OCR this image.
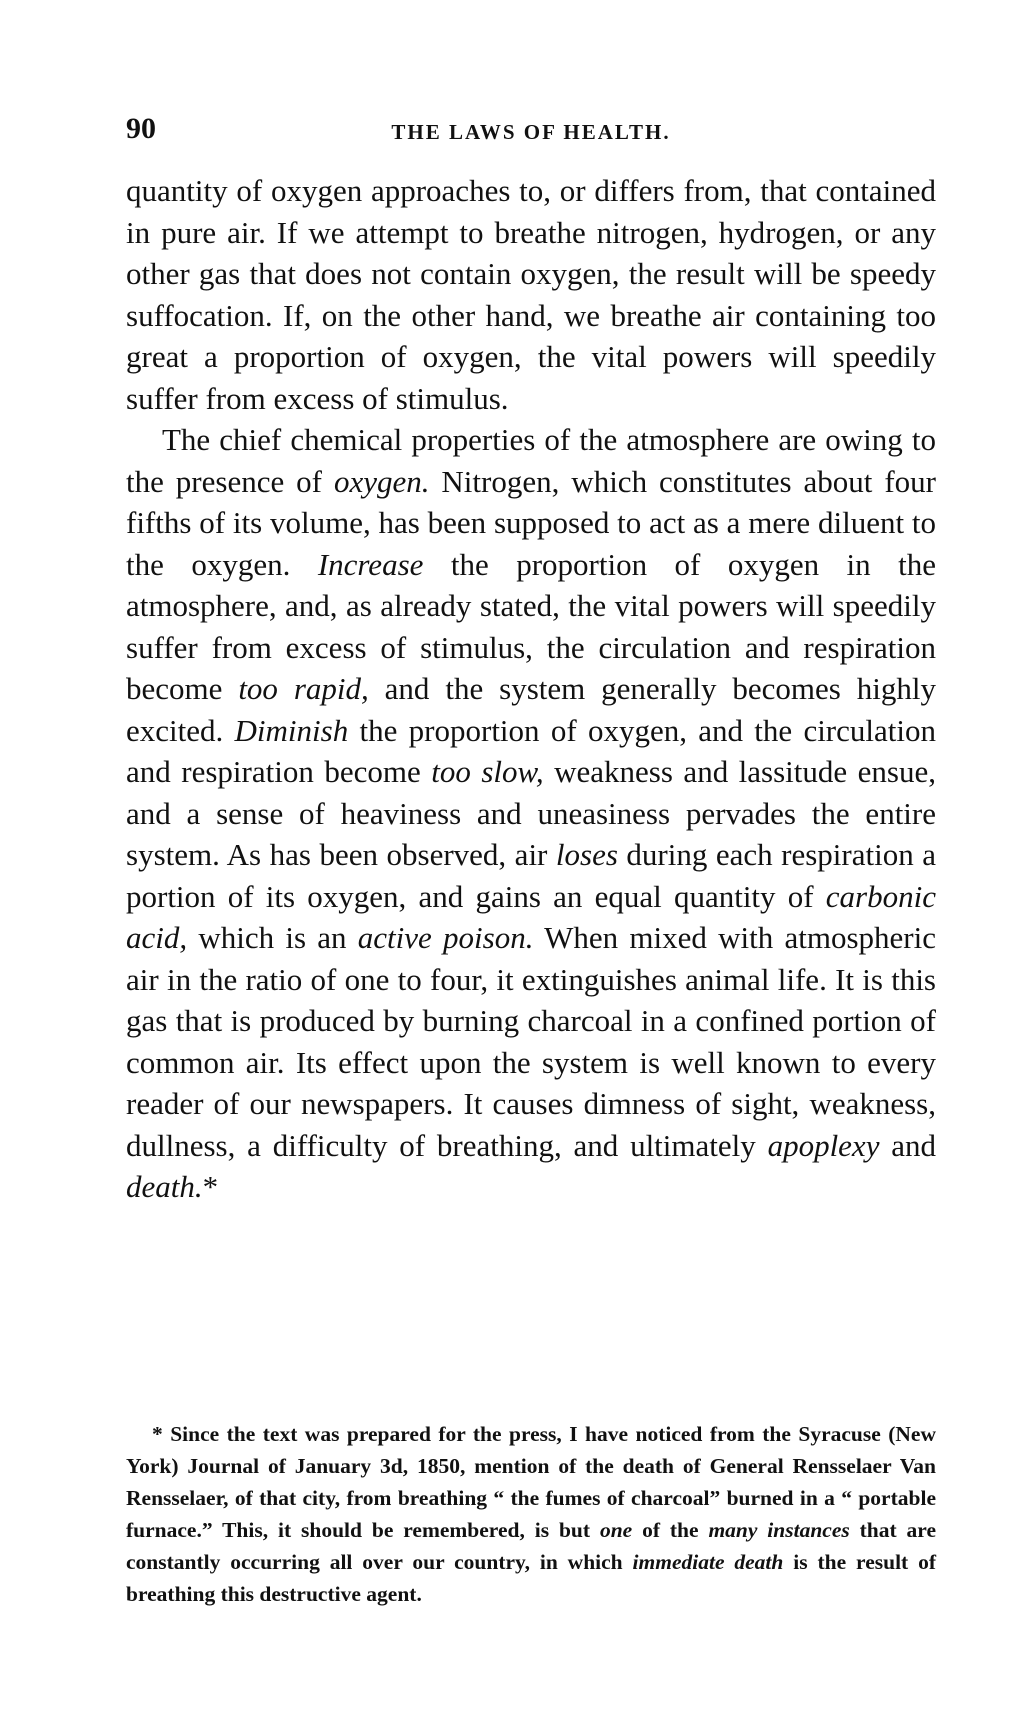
90	THE LAWS OF HEALTH.

quantity of oxygen approaches to, or differs from, that contained in pure air. If we attempt to breathe nitrogen, hydrogen, or any other gas that does not contain oxygen, the result will be speedy suffocation. If, on the other hand, we breathe air containing too great a proportion of oxygen, the vital powers will speedily suffer from excess of stimulus.

The chief chemical properties of the atmosphere are owing to the presence of oxygen. Nitrogen, which constitutes about four fifths of its volume, has been supposed to act as a mere diluent to the oxygen. Increase the proportion of oxygen in the atmosphere, and, as already stated, the vital powers will speedily suffer from excess of stimulus, the circulation and respiration become too rapid, and the system generally becomes highly excited. Diminish the proportion of oxygen, and the circulation and respiration become too slow, weakness and lassitude ensue, and a sense of heaviness and uneasiness pervades the entire system. As has been observed, air loses during each respiration a portion of its oxygen, and gains an equal quantity of carbonic acid, which is an active poison. When mixed with atmospheric air in the ratio of one to four, it extinguishes animal life. It is this gas that is produced by burning charcoal in a confined portion of common air. Its effect upon the system is well known to every reader of our newspapers. It causes dimness of sight, weakness, dullness, a difficulty of breathing, and ultimately apoplexy and death.*

* Since the text was prepared for the press, I have noticed from the Syracuse (New York) Journal of January 3d, 1850, mention of the death of General Rensselaer Van Rensselaer, of that city, from breathing “ the fumes of charcoal” burned in a “ portable furnace.” This, it should be remembered, is but one of the many instances that are constantly occurring all over our country, in which immediate death is the result of breathing this destructive agent.
